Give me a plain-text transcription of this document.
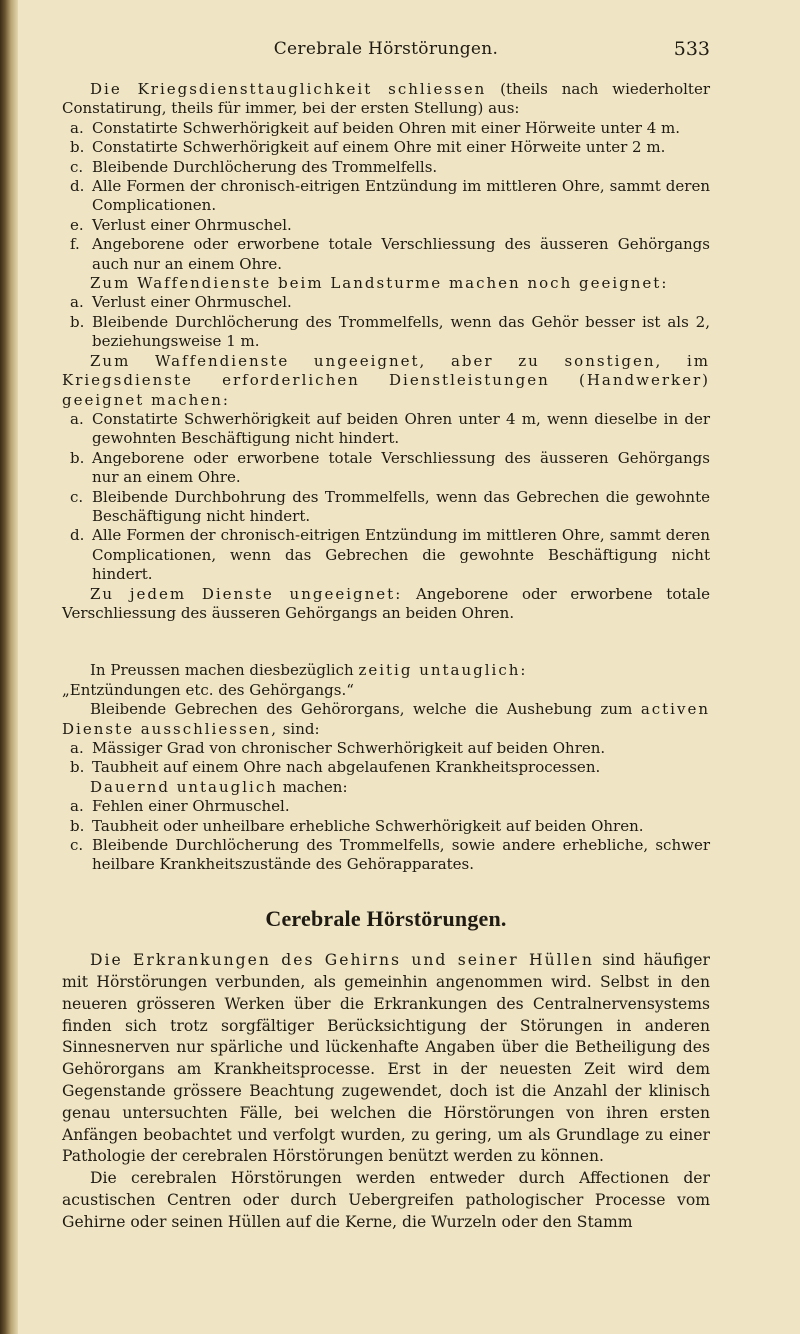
Cerebrale Hörstörungen.	533

Die Kriegsdiensttauglichkeit schliessen (theils nach wiederholter Constatirung, theils für immer, bei der ersten Stellung) aus:

a. Constatirte Schwerhörigkeit auf beiden Ohren mit einer Hörweite unter 4 m.
b. Constatirte Schwerhörigkeit auf einem Ohre mit einer Hörweite unter 2 m.
c. Bleibende Durchlöcherung des Trommelfells.
d. Alle Formen der chronisch-eitrigen Entzündung im mittleren Ohre, sammt deren Complicationen.
e. Verlust einer Ohrmuschel.
f. Angeborene oder erworbene totale Verschliessung des äusseren Gehörgangs auch nur an einem Ohre.

Zum Waffendienste beim Landsturme machen noch geeignet:

a. Verlust einer Ohrmuschel.
b. Bleibende Durchlöcherung des Trommelfells, wenn das Gehör besser ist als 2, beziehungsweise 1 m.

Zum Waffendienste ungeeignet, aber zu sonstigen, im Kriegsdienste erforderlichen Dienstleistungen (Handwerker) geeignet machen:

a. Constatirte Schwerhörigkeit auf beiden Ohren unter 4 m, wenn dieselbe in der gewohnten Beschäftigung nicht hindert.
b. Angeborene oder erworbene totale Verschliessung des äusseren Gehörgangs nur an einem Ohre.
c. Bleibende Durchbohrung des Trommelfells, wenn das Gebrechen die gewohnte Beschäftigung nicht hindert.
d. Alle Formen der chronisch-eitrigen Entzündung im mittleren Ohre, sammt deren Complicationen, wenn das Gebrechen die gewohnte Beschäftigung nicht hindert.

Zu jedem Dienste ungeeignet: Angeborene oder erworbene totale Verschliessung des äusseren Gehörgangs an beiden Ohren.

In Preussen machen diesbezüglich zeitig untauglich:

„Entzündungen etc. des Gehörgangs.“

Bleibende Gebrechen des Gehörorgans, welche die Aushebung zum activen Dienste ausschliessen, sind:

a. Mässiger Grad von chronischer Schwerhörigkeit auf beiden Ohren.
b. Taubheit auf einem Ohre nach abgelaufenen Krankheitsprocessen.

Dauernd untauglich machen:

a. Fehlen einer Ohrmuschel.
b. Taubheit oder unheilbare erhebliche Schwerhörigkeit auf beiden Ohren.
c. Bleibende Durchlöcherung des Trommelfells, sowie andere erhebliche, schwer heilbare Krankheitszustände des Gehörapparates.
Cerebrale Hörstörungen.

Die Erkrankungen des Gehirns und seiner Hüllen sind häufiger mit Hörstörungen verbunden, als gemeinhin angenommen wird. Selbst in den neueren grösseren Werken über die Erkrankungen des Centralnervensystems finden sich trotz sorgfältiger Berücksichtigung der Störungen in anderen Sinnesnerven nur spärliche und lückenhafte Angaben über die Betheiligung des Gehörorgans am Krankheitsprocesse. Erst in der neuesten Zeit wird dem Gegenstande grössere Beachtung zugewendet, doch ist die Anzahl der klinisch genau untersuchten Fälle, bei welchen die Hörstörungen von ihren ersten Anfängen beobachtet und verfolgt wurden, zu gering, um als Grundlage zu einer Pathologie der cerebralen Hörstörungen benützt werden zu können.

Die cerebralen Hörstörungen werden entweder durch Affectionen der acustischen Centren oder durch Uebergreifen pathologischer Processe vom Gehirne oder seinen Hüllen auf die Kerne, die Wurzeln oder den Stamm
